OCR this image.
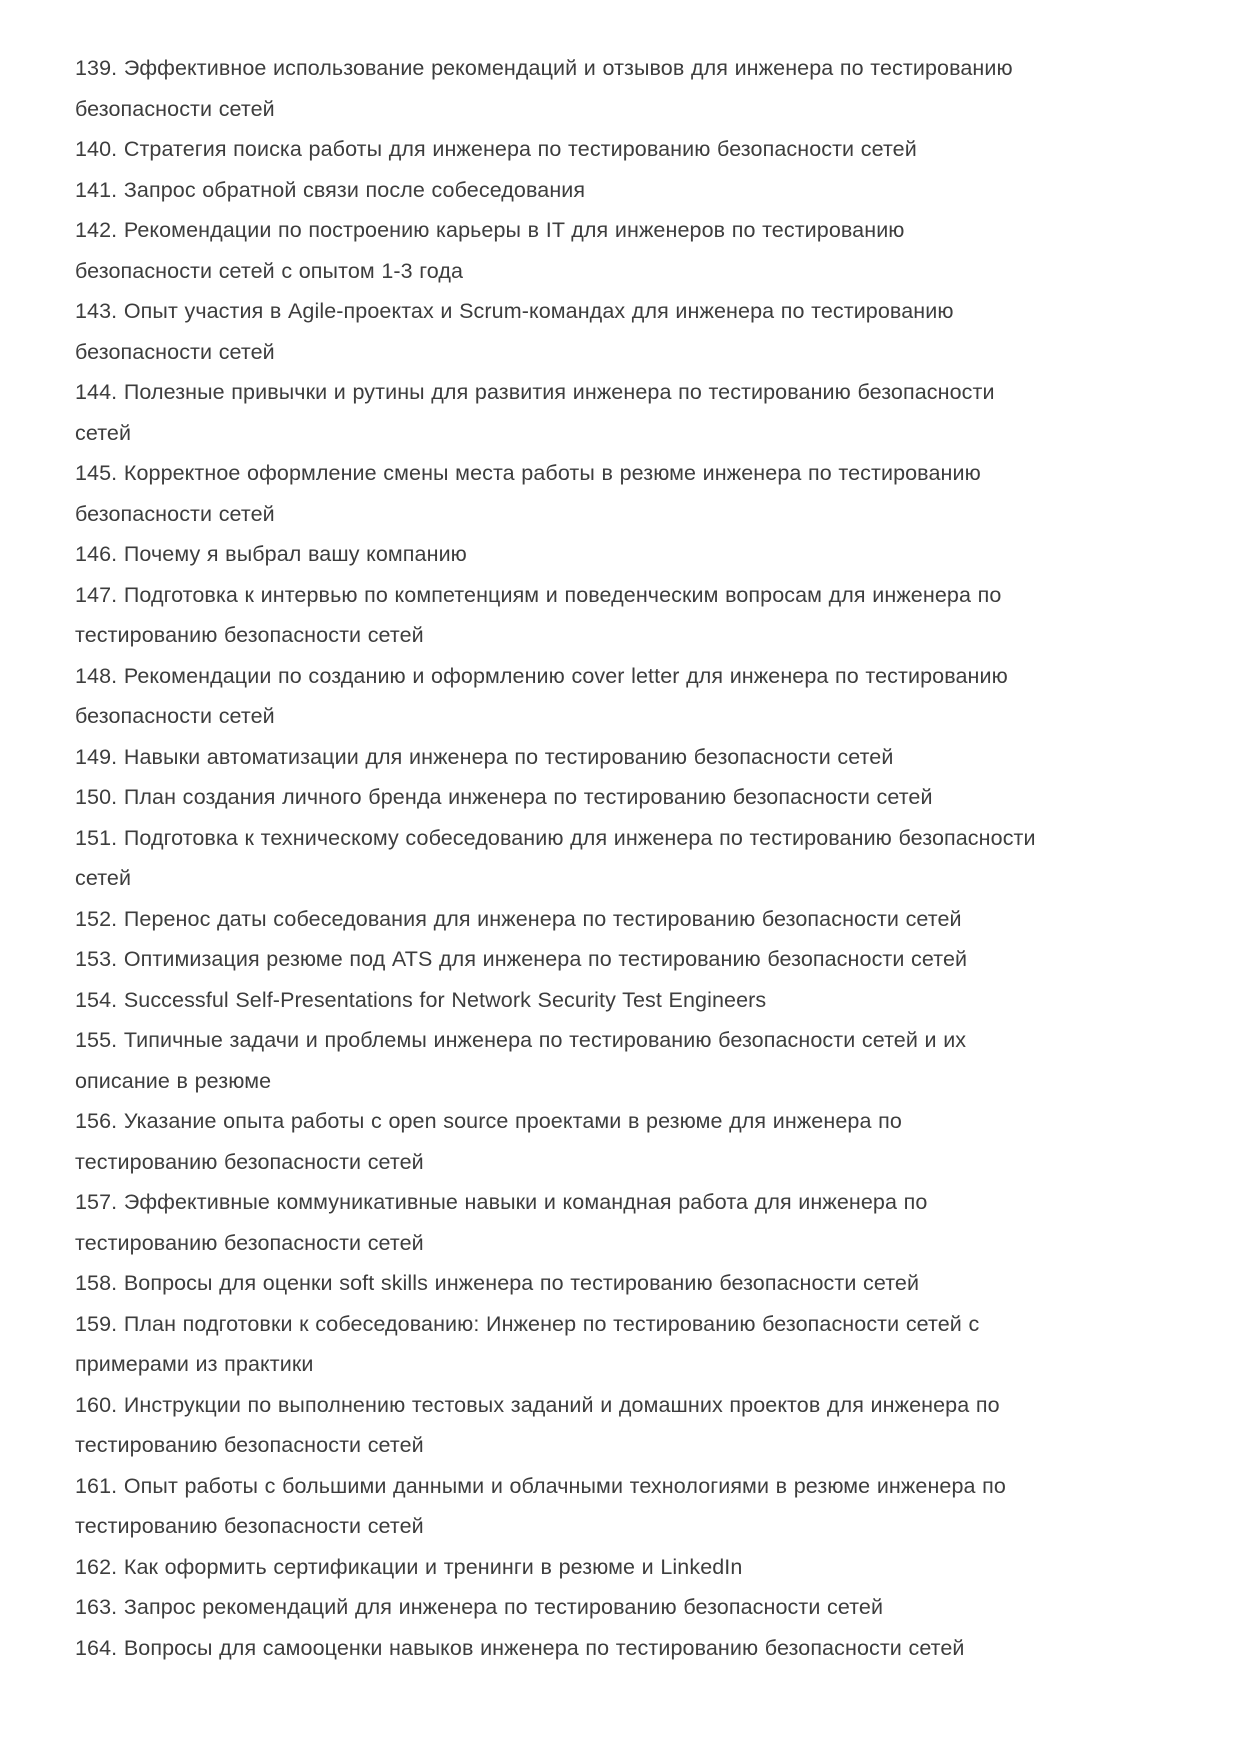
139. Эффективное использование рекомендаций и отзывов для инженера по тестированию безопасности сетей
140. Стратегия поиска работы для инженера по тестированию безопасности сетей
141. Запрос обратной связи после собеседования
142. Рекомендации по построению карьеры в IT для инженеров по тестированию безопасности сетей с опытом 1-3 года
143. Опыт участия в Agile-проектах и Scrum-командах для инженера по тестированию безопасности сетей
144. Полезные привычки и рутины для развития инженера по тестированию безопасности сетей
145. Корректное оформление смены места работы в резюме инженера по тестированию безопасности сетей
146. Почему я выбрал вашу компанию
147. Подготовка к интервью по компетенциям и поведенческим вопросам для инженера по тестированию безопасности сетей
148. Рекомендации по созданию и оформлению cover letter для инженера по тестированию безопасности сетей
149. Навыки автоматизации для инженера по тестированию безопасности сетей
150. План создания личного бренда инженера по тестированию безопасности сетей
151. Подготовка к техническому собеседованию для инженера по тестированию безопасности сетей
152. Перенос даты собеседования для инженера по тестированию безопасности сетей
153. Оптимизация резюме под ATS для инженера по тестированию безопасности сетей
154. Successful Self-Presentations for Network Security Test Engineers
155. Типичные задачи и проблемы инженера по тестированию безопасности сетей и их описание в резюме
156. Указание опыта работы с open source проектами в резюме для инженера по тестированию безопасности сетей
157. Эффективные коммуникативные навыки и командная работа для инженера по тестированию безопасности сетей
158. Вопросы для оценки soft skills инженера по тестированию безопасности сетей
159. План подготовки к собеседованию: Инженер по тестированию безопасности сетей с примерами из практики
160. Инструкции по выполнению тестовых заданий и домашних проектов для инженера по тестированию безопасности сетей
161. Опыт работы с большими данными и облачными технологиями в резюме инженера по тестированию безопасности сетей
162. Как оформить сертификации и тренинги в резюме и LinkedIn
163. Запрос рекомендаций для инженера по тестированию безопасности сетей
164. Вопросы для самооценки навыков инженера по тестированию безопасности сетей
